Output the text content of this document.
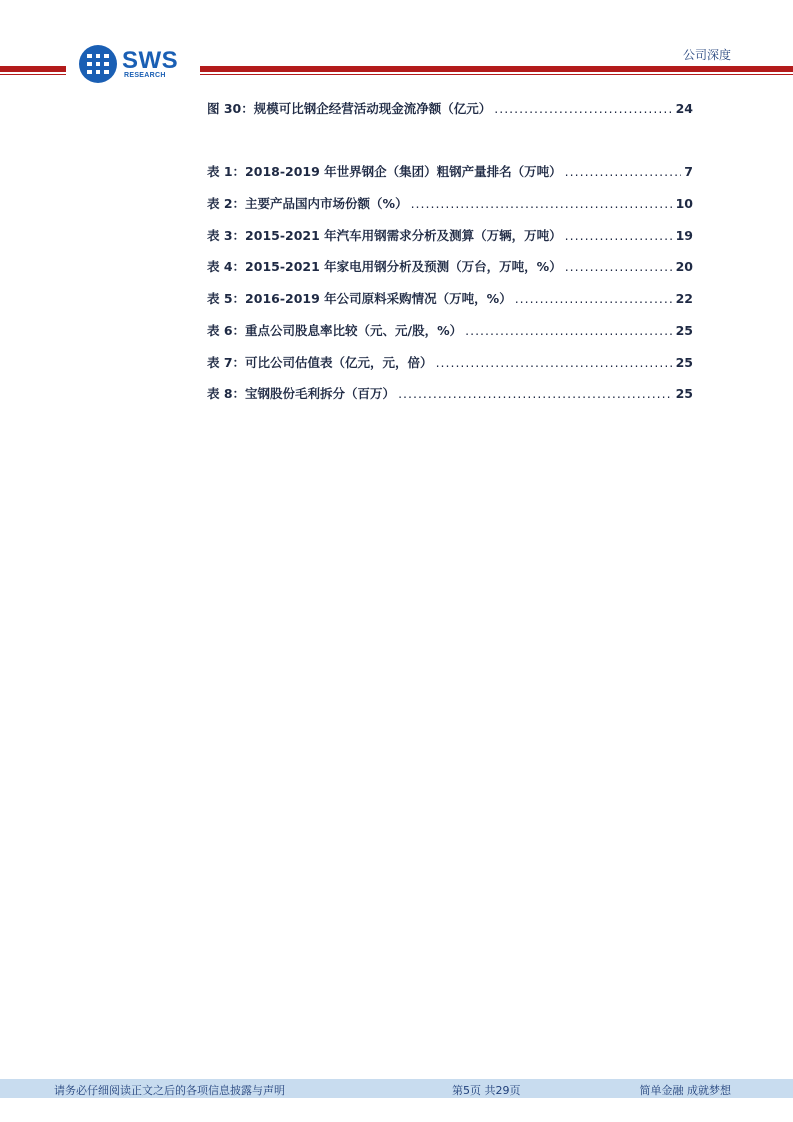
SWS
RESEARCH
公司深度
图 30：规模可比钢企经营活动现金流净额（亿元） .....	24
表 1：2018-2019 年世界钢企（集团）粗钢产量排名（万吨） .....	7
表 2：主要产品国内市场份额（%） .....	10
表 3：2015-2021 年汽车用钢需求分析及测算（万辆，万吨） .....	19
表 4：2015-2021 年家电用钢分析及预测（万台，万吨，%） .....	20
表 5：2016-2019 年公司原料采购情况（万吨，%） .....	22
表 6：重点公司股息率比较（元、元/股，%） .....	25
表 7：可比公司估值表（亿元，元，倍） .....	25
表 8：宝钢股份毛利拆分（百万） .....	25
请务必仔细阅读正文之后的各项信息披露与声明	第5页 共29页	简单金融 成就梦想
